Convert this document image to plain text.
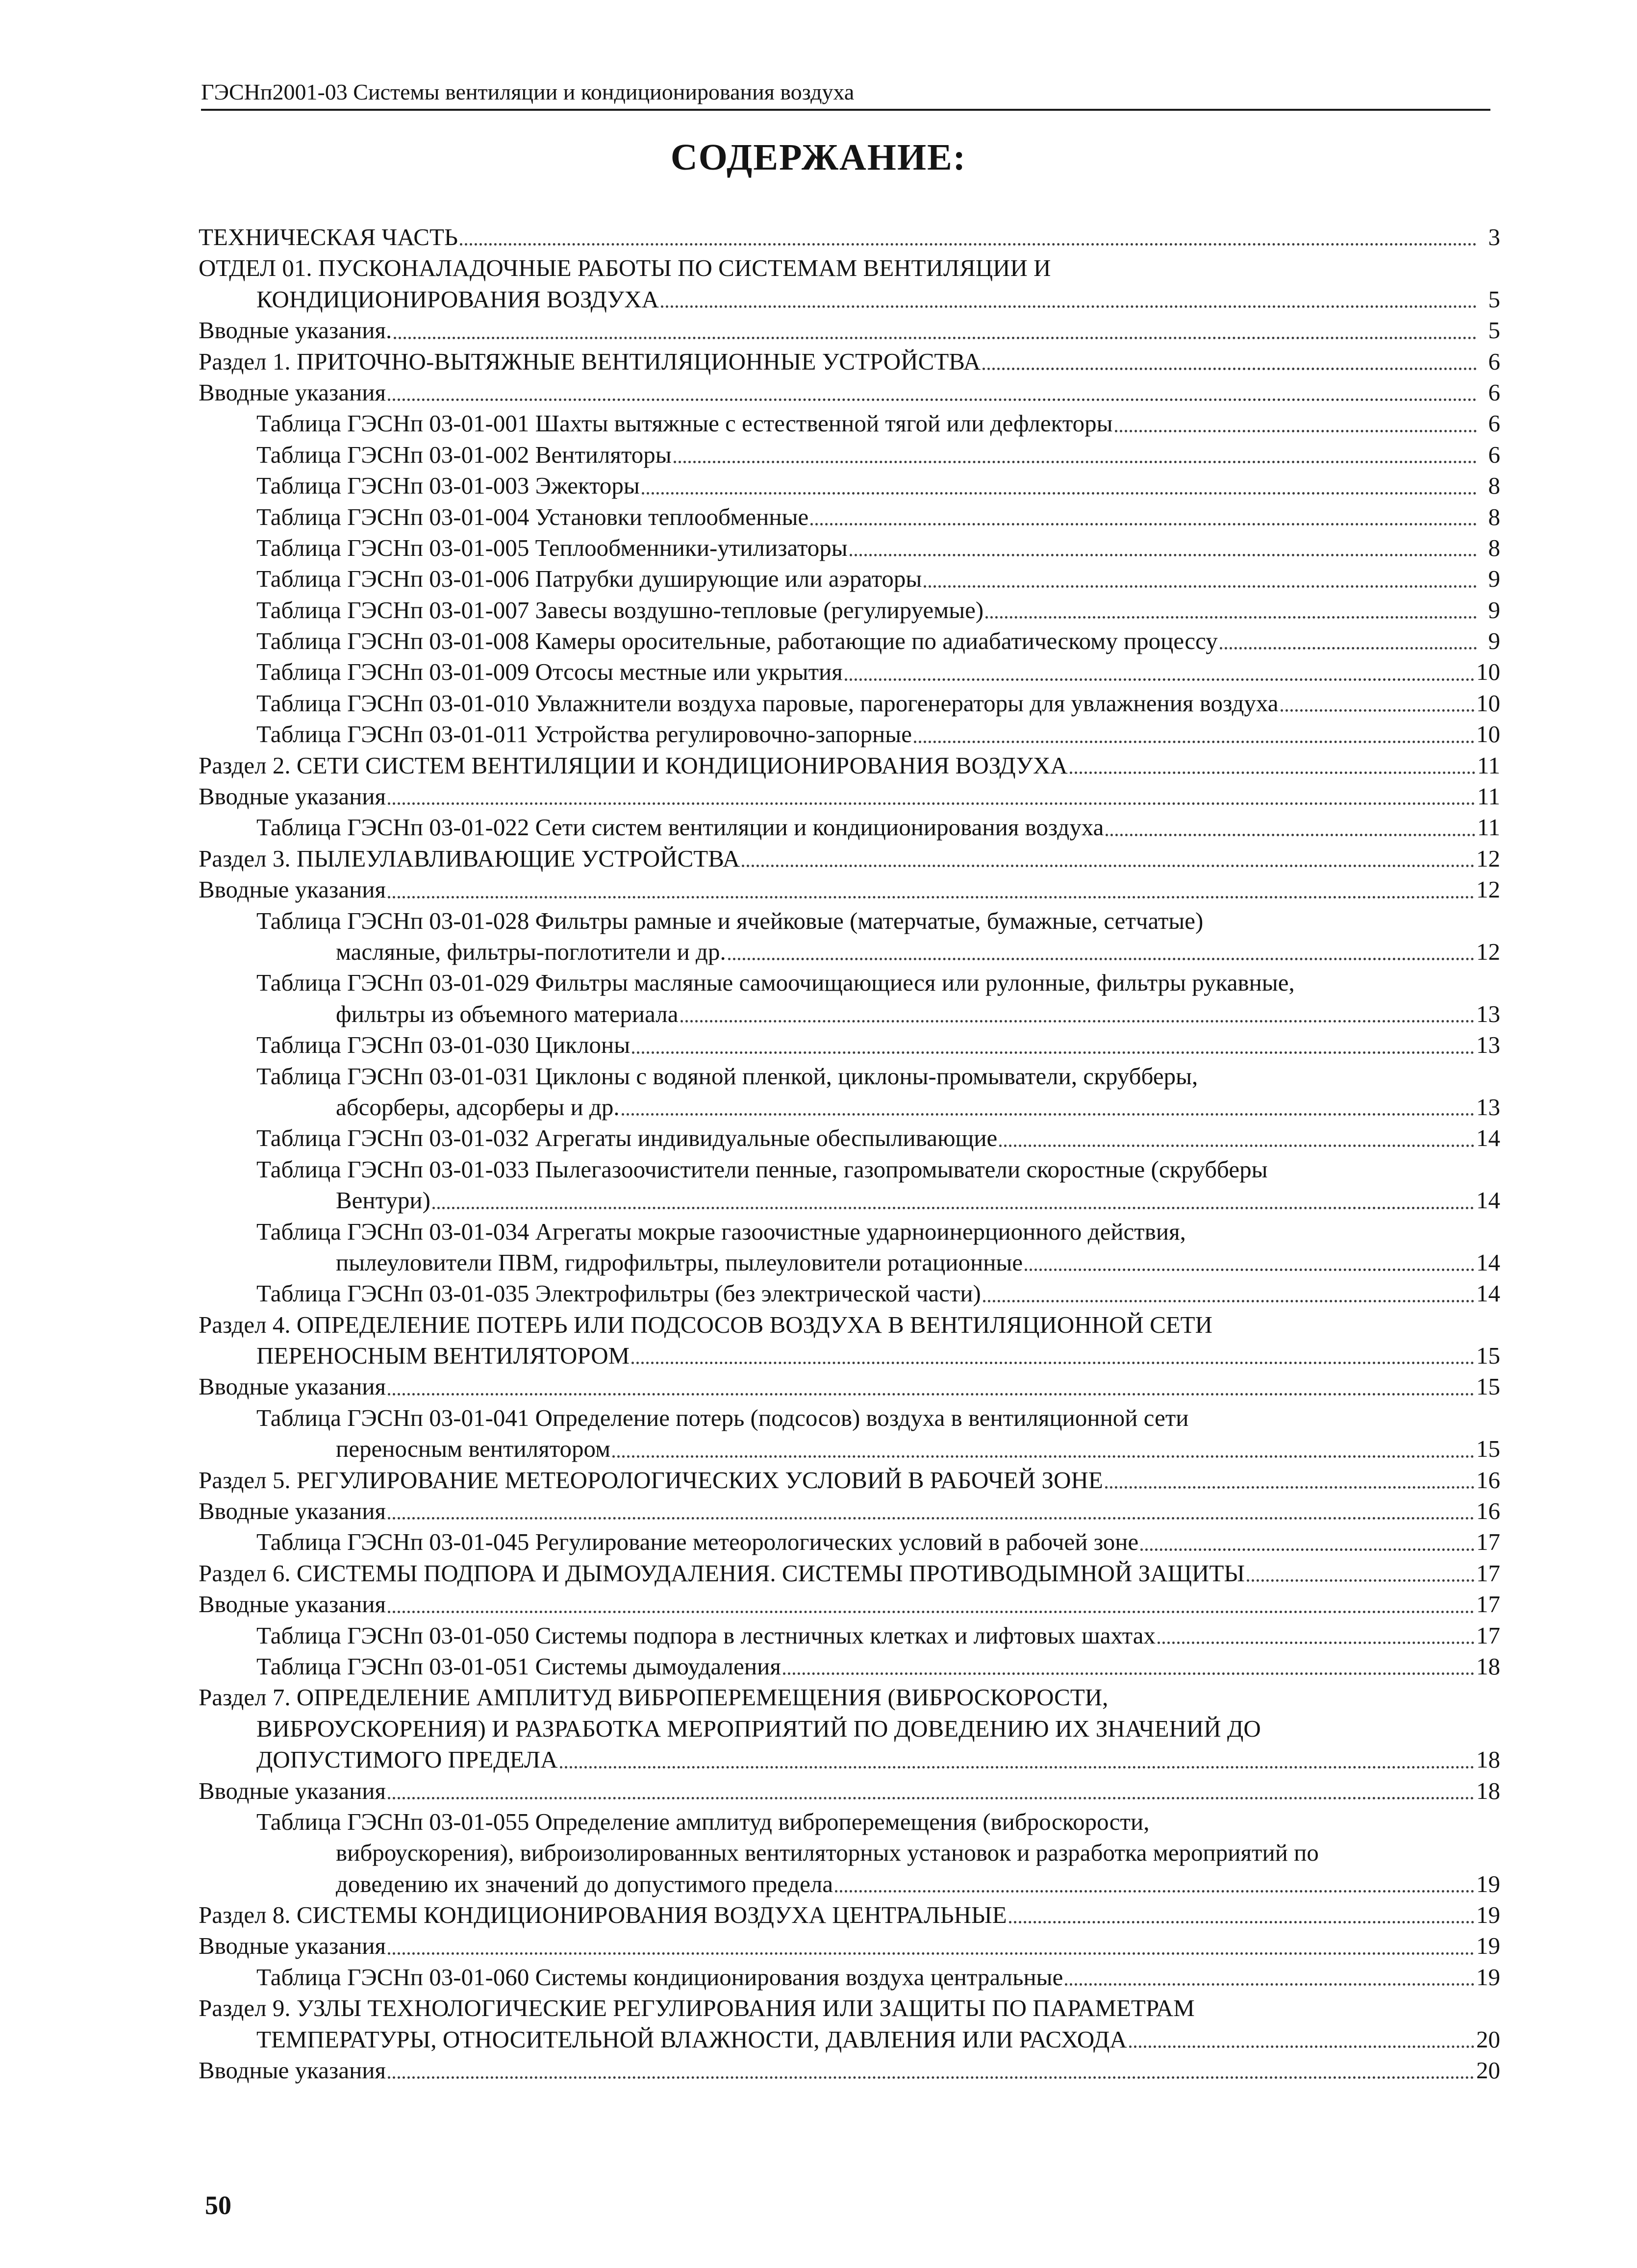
ГЭСНп2001-03 Системы вентиляции и кондиционирования воздуха
СОДЕРЖАНИЕ:
ТЕХНИЧЕСКАЯ ЧАСТЬ	3
ОТДЕЛ 01. ПУСКОНАЛАДОЧНЫЕ РАБОТЫ ПО СИСТЕМАМ ВЕНТИЛЯЦИИ И
КОНДИЦИОНИРОВАНИЯ ВОЗДУХА	5
Вводные указания.	5
Раздел 1. ПРИТОЧНО-ВЫТЯЖНЫЕ ВЕНТИЛЯЦИОННЫЕ УСТРОЙСТВА	6
Вводные указания	6
Таблица ГЭСНп 03-01-001 Шахты вытяжные с естественной тягой или дефлекторы	6
Таблица ГЭСНп 03-01-002 Вентиляторы	6
Таблица ГЭСНп 03-01-003 Эжекторы	8
Таблица ГЭСНп 03-01-004 Установки теплообменные	8
Таблица ГЭСНп 03-01-005 Теплообменники-утилизаторы	8
Таблица ГЭСНп 03-01-006 Патрубки душирующие или аэраторы	9
Таблица ГЭСНп 03-01-007 Завесы воздушно-тепловые (регулируемые)	9
Таблица ГЭСНп 03-01-008 Камеры оросительные, работающие по адиабатическому процессу	9
Таблица ГЭСНп 03-01-009 Отсосы местные или укрытия	10
Таблица ГЭСНп 03-01-010 Увлажнители воздуха паровые, парогенераторы для увлажнения воздуха	10
Таблица ГЭСНп 03-01-011 Устройства регулировочно-запорные	10
Раздел 2. СЕТИ СИСТЕМ ВЕНТИЛЯЦИИ И КОНДИЦИОНИРОВАНИЯ ВОЗДУХА	11
Вводные указания	11
Таблица ГЭСНп 03-01-022 Сети систем вентиляции и кондиционирования воздуха	11
Раздел 3. ПЫЛЕУЛАВЛИВАЮЩИЕ УСТРОЙСТВА	12
Вводные указания	12
Таблица ГЭСНп 03-01-028 Фильтры рамные и ячейковые (матерчатые, бумажные, сетчатые)
масляные, фильтры-поглотители и др.	12
Таблица ГЭСНп 03-01-029 Фильтры масляные самоочищающиеся или рулонные, фильтры рукавные,
фильтры из объемного материала	13
Таблица ГЭСНп 03-01-030 Циклоны	13
Таблица ГЭСНп 03-01-031 Циклоны с водяной пленкой, циклоны-промыватели, скрубберы,
абсорберы, адсорберы и др.	13
Таблица ГЭСНп 03-01-032 Агрегаты индивидуальные обеспыливающие	14
Таблица ГЭСНп 03-01-033 Пылегазоочистители пенные, газопромыватели скоростные (скрубберы
Вентури)	14
Таблица ГЭСНп 03-01-034 Агрегаты мокрые газоочистные ударноинерционного действия,
пылеуловители ПВМ, гидрофильтры, пылеуловители ротационные	14
Таблица ГЭСНп 03-01-035 Электрофильтры (без электрической части)	14
Раздел 4. ОПРЕДЕЛЕНИЕ ПОТЕРЬ ИЛИ ПОДСОСОВ ВОЗДУХА В ВЕНТИЛЯЦИОННОЙ СЕТИ
ПЕРЕНОСНЫМ ВЕНТИЛЯТОРОМ	15
Вводные указания	15
Таблица ГЭСНп 03-01-041 Определение потерь (подсосов) воздуха в вентиляционной сети
переносным вентилятором	15
Раздел 5. РЕГУЛИРОВАНИЕ МЕТЕОРОЛОГИЧЕСКИХ УСЛОВИЙ В РАБОЧЕЙ ЗОНЕ	16
Вводные указания	16
Таблица ГЭСНп 03-01-045 Регулирование метеорологических условий в рабочей зоне	17
Раздел 6. СИСТЕМЫ ПОДПОРА И ДЫМОУДАЛЕНИЯ. СИСТЕМЫ ПРОТИВОДЫМНОЙ ЗАЩИТЫ	17
Вводные указания	17
Таблица ГЭСНп 03-01-050 Системы подпора в лестничных клетках и лифтовых шахтах	17
Таблица ГЭСНп 03-01-051 Системы дымоудаления	18
Раздел 7. ОПРЕДЕЛЕНИЕ АМПЛИТУД ВИБРОПЕРЕМЕЩЕНИЯ (ВИБРОСКОРОСТИ,
ВИБРОУСКОРЕНИЯ) И РАЗРАБОТКА МЕРОПРИЯТИЙ ПО ДОВЕДЕНИЮ ИХ ЗНАЧЕНИЙ ДО
ДОПУСТИМОГО ПРЕДЕЛА	18
Вводные указания	18
Таблица ГЭСНп 03-01-055 Определение амплитуд виброперемещения (виброскорости,
виброускорения), виброизолированных вентиляторных установок и разработка мероприятий по
доведению их значений до допустимого предела	19
Раздел 8. СИСТЕМЫ КОНДИЦИОНИРОВАНИЯ ВОЗДУХА ЦЕНТРАЛЬНЫЕ	19
Вводные указания	19
Таблица ГЭСНп 03-01-060 Системы кондиционирования воздуха центральные	19
Раздел 9. УЗЛЫ ТЕХНОЛОГИЧЕСКИЕ РЕГУЛИРОВАНИЯ ИЛИ ЗАЩИТЫ ПО ПАРАМЕТРАМ
ТЕМПЕРАТУРЫ, ОТНОСИТЕЛЬНОЙ ВЛАЖНОСТИ, ДАВЛЕНИЯ ИЛИ РАСХОДА	20
Вводные указания	20
50
